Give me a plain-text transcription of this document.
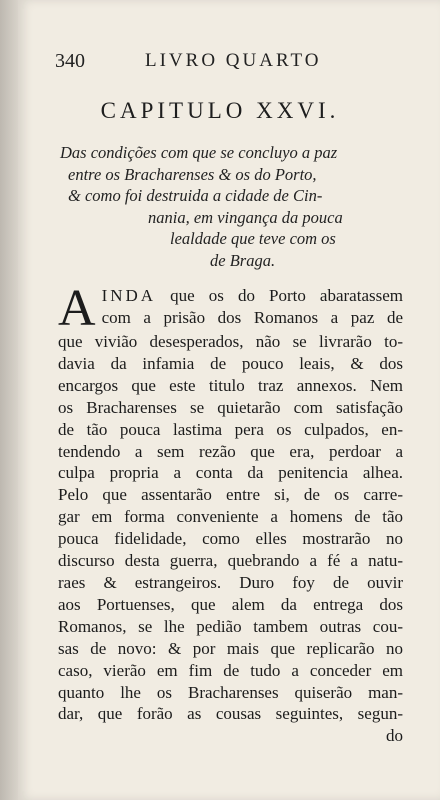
340	LIVRO QUARTO
CAPITULO XXVI.
Das condições com que se concluyo a paz
entre os Bracharenses & os do Porto,
& como foi destruida a cidade de Cin-
nania, em vingança da pouca
lealdade que teve com os
de Braga.
A INDA que os do Porto abaratassem
com a prisão dos Romanos a paz de
que vivião desesperados, não se livrarão to-
davia da infamia de pouco leais, & dos
encargos que este titulo traz annexos. Nem
os Bracharenses se quietarão com satisfação
de tão pouca lastima pera os culpados, en-
tendendo a sem rezão que era, perdoar a
culpa propria a conta da penitencia alhea.
Pelo que assentarão entre si, de os carre-
gar em forma conveniente a homens de tão
pouca fidelidade, como elles mostrarão no
discurso desta guerra, quebrando a fé a natu-
raes & estrangeiros. Duro foy de ouvir
aos Portuenses, que alem da entrega dos
Romanos, se lhe pedião tambem outras cou-
sas de novo: & por mais que replicarão no
caso, vierão em fim de tudo a conceder em
quanto lhe os Bracharenses quiserão man-
dar, que forão as cousas seguintes, segun-
do
